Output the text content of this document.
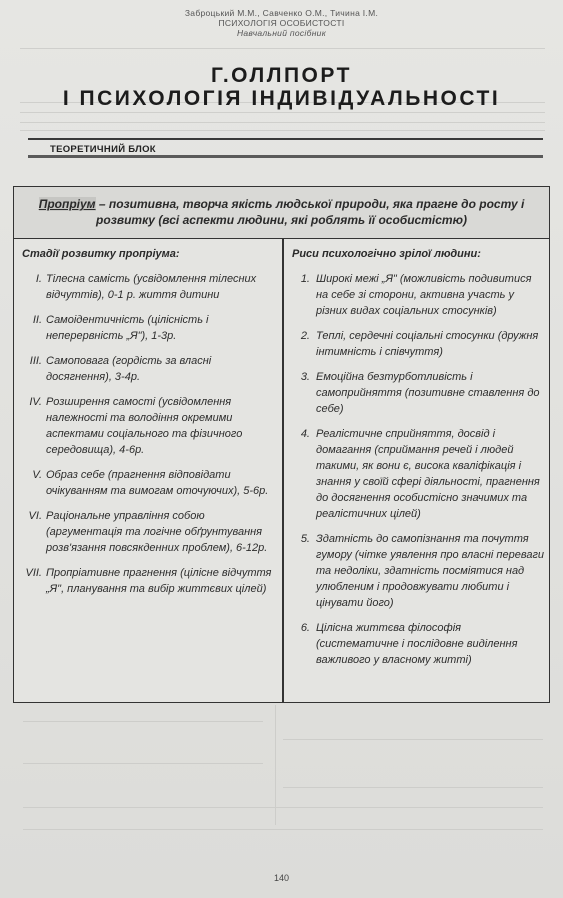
Заброцький М.М., Савченко О.М., Тичина І.М.
ПСИХОЛОГІЯ ОСОБИСТОСТІ
Навчальний посібник
Г.ОЛЛПОРТ
І ПСИХОЛОГІЯ ІНДИВІДУАЛЬНОСТІ
ТЕОРЕТИЧНИЙ БЛОК
Пропріум – позитивна, творча якість людської природи, яка прагне до росту і розвитку (всі аспекти людини, які роблять її особистістю)
Стадії розвитку пропріума:
I. Тілесна самість (усвідомлення тілесних відчуттів), 0-1 р. життя дитини
II. Самоідентичність (цілісність і неперервність „Я"), 1-3р.
III. Самоповага (гордість за власні досягнення), 3-4р.
IV. Розширення самості (усвідомлення належності та володіння окремими аспектами соціального та фізичного середовища), 4-6р.
V. Образ себе (прагнення відповідати очікуванням та вимогам оточуючих), 5-6р.
VI. Раціональне управління собою (аргументація та логічне обґрунтування розв'язання повсякденних проблем), 6-12р.
VII. Пропріативне прагнення (цілісне відчуття „Я", планування та вибір життєвих цілей)
Риси психологічно зрілої людини:
1. Широкі межі „Я" (можливість подивитися на себе зі сторони, активна участь у різних видах соціальних стосунків)
2. Теплі, сердечні соціальні стосунки (дружня інтимність і співчуття)
3. Емоційна безтурботливість і самоприйняття (позитивне ставлення до себе)
4. Реалістичне сприйняття, досвід і домагання (сприймання речей і людей такими, як вони є, висока кваліфікація і знання у своїй сфері діяльності, прагнення до досягнення особистісно значимих та реалістичних цілей)
5. Здатність до самопізнання та почуття гумору (чітке уявлення про власні переваги та недоліки, здатність посміятися над улюбленим і продовжувати любити і цінувати його)
6. Цілісна життєва філософія (систематичне і послідовне виділення важливого у власному житті)
140
